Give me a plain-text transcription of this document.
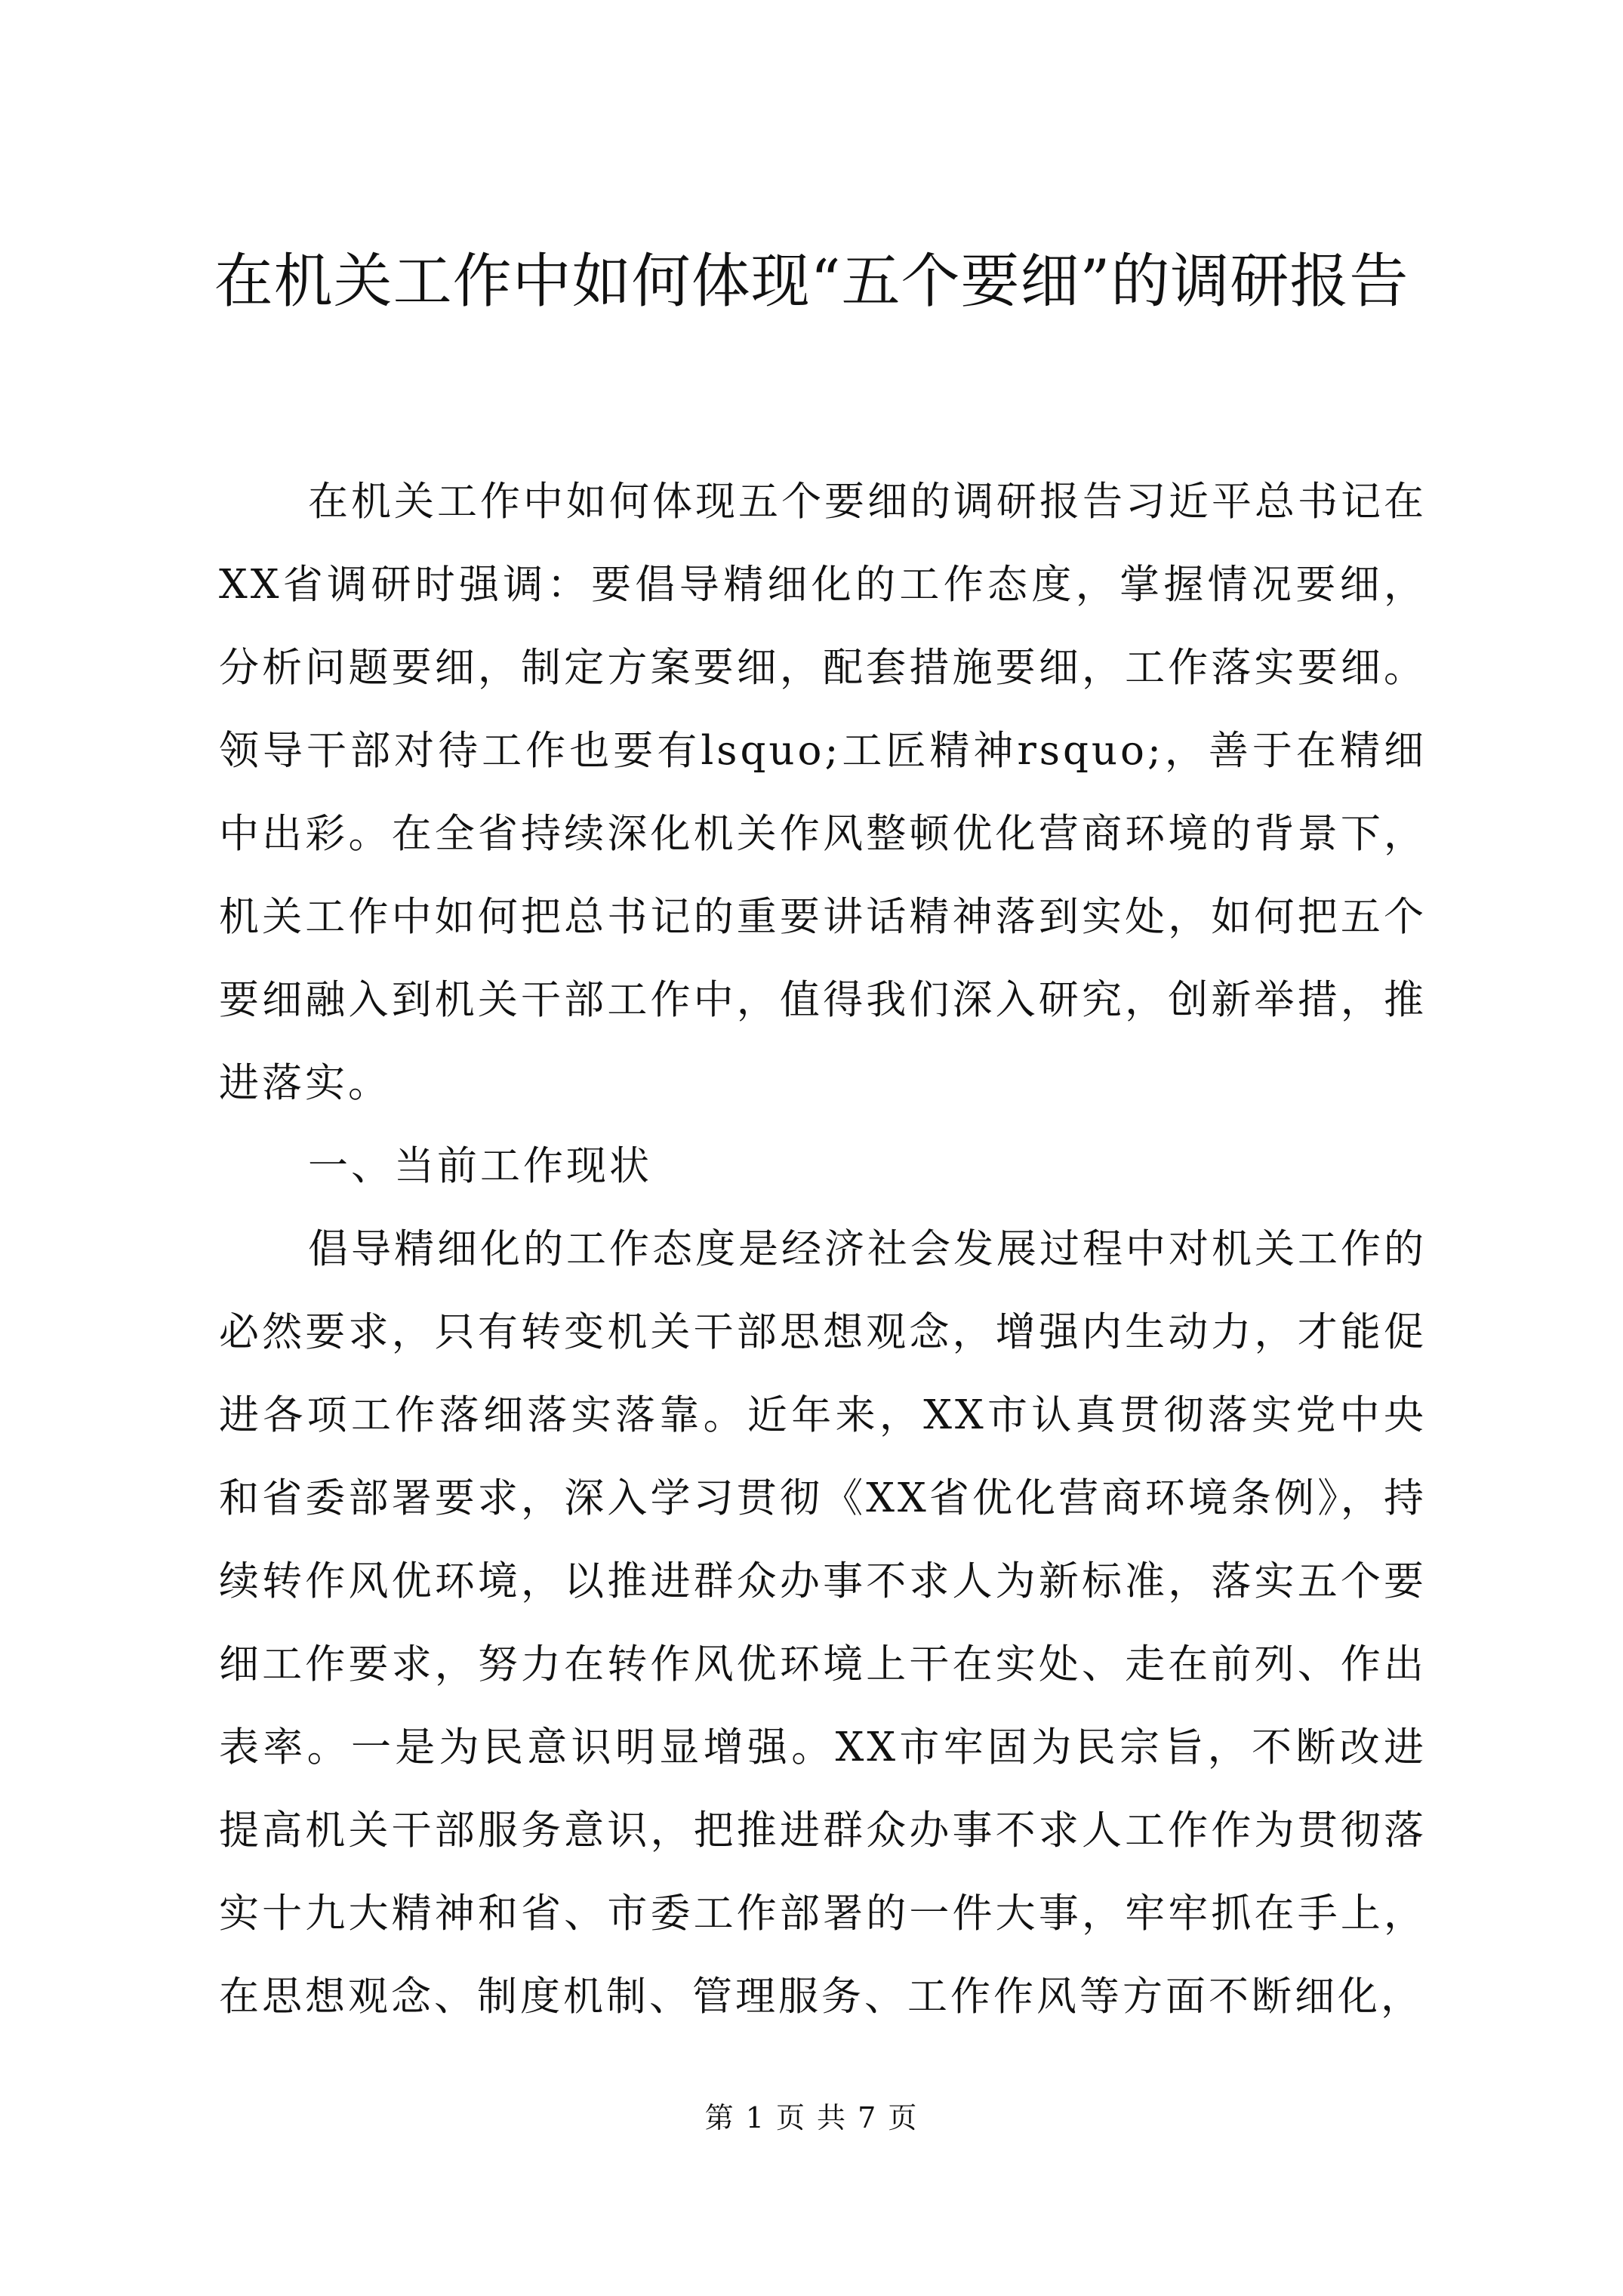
在机关工作中如何体现“五个要细”的调研报告

在机关工作中如何体现五个要细的调研报告习近平总书记在XX省调研时强调：要倡导精细化的工作态度，掌握情况要细，分析问题要细，制定方案要细，配套措施要细，工作落实要细。领导干部对待工作也要有lsquo;工匠精神rsquo;，善于在精细中出彩。在全省持续深化机关作风整顿优化营商环境的背景下，机关工作中如何把总书记的重要讲话精神落到实处，如何把五个要细融入到机关干部工作中，值得我们深入研究，创新举措，推进落实。

一、当前工作现状

倡导精细化的工作态度是经济社会发展过程中对机关工作的必然要求，只有转变机关干部思想观念，增强内生动力，才能促进各项工作落细落实落靠。近年来，XX市认真贯彻落实党中央和省委部署要求，深入学习贯彻《XX省优化营商环境条例》，持续转作风优环境，以推进群众办事不求人为新标准，落实五个要细工作要求，努力在转作风优环境上干在实处、走在前列、作出表率。一是为民意识明显增强。XX市牢固为民宗旨，不断改进提高机关干部服务意识，把推进群众办事不求人工作作为贯彻落实十九大精神和省、市委工作部署的一件大事，牢牢抓在手上，在思想观念、制度机制、管理服务、工作作风等方面不断细化，

第 1 页 共 7 页
